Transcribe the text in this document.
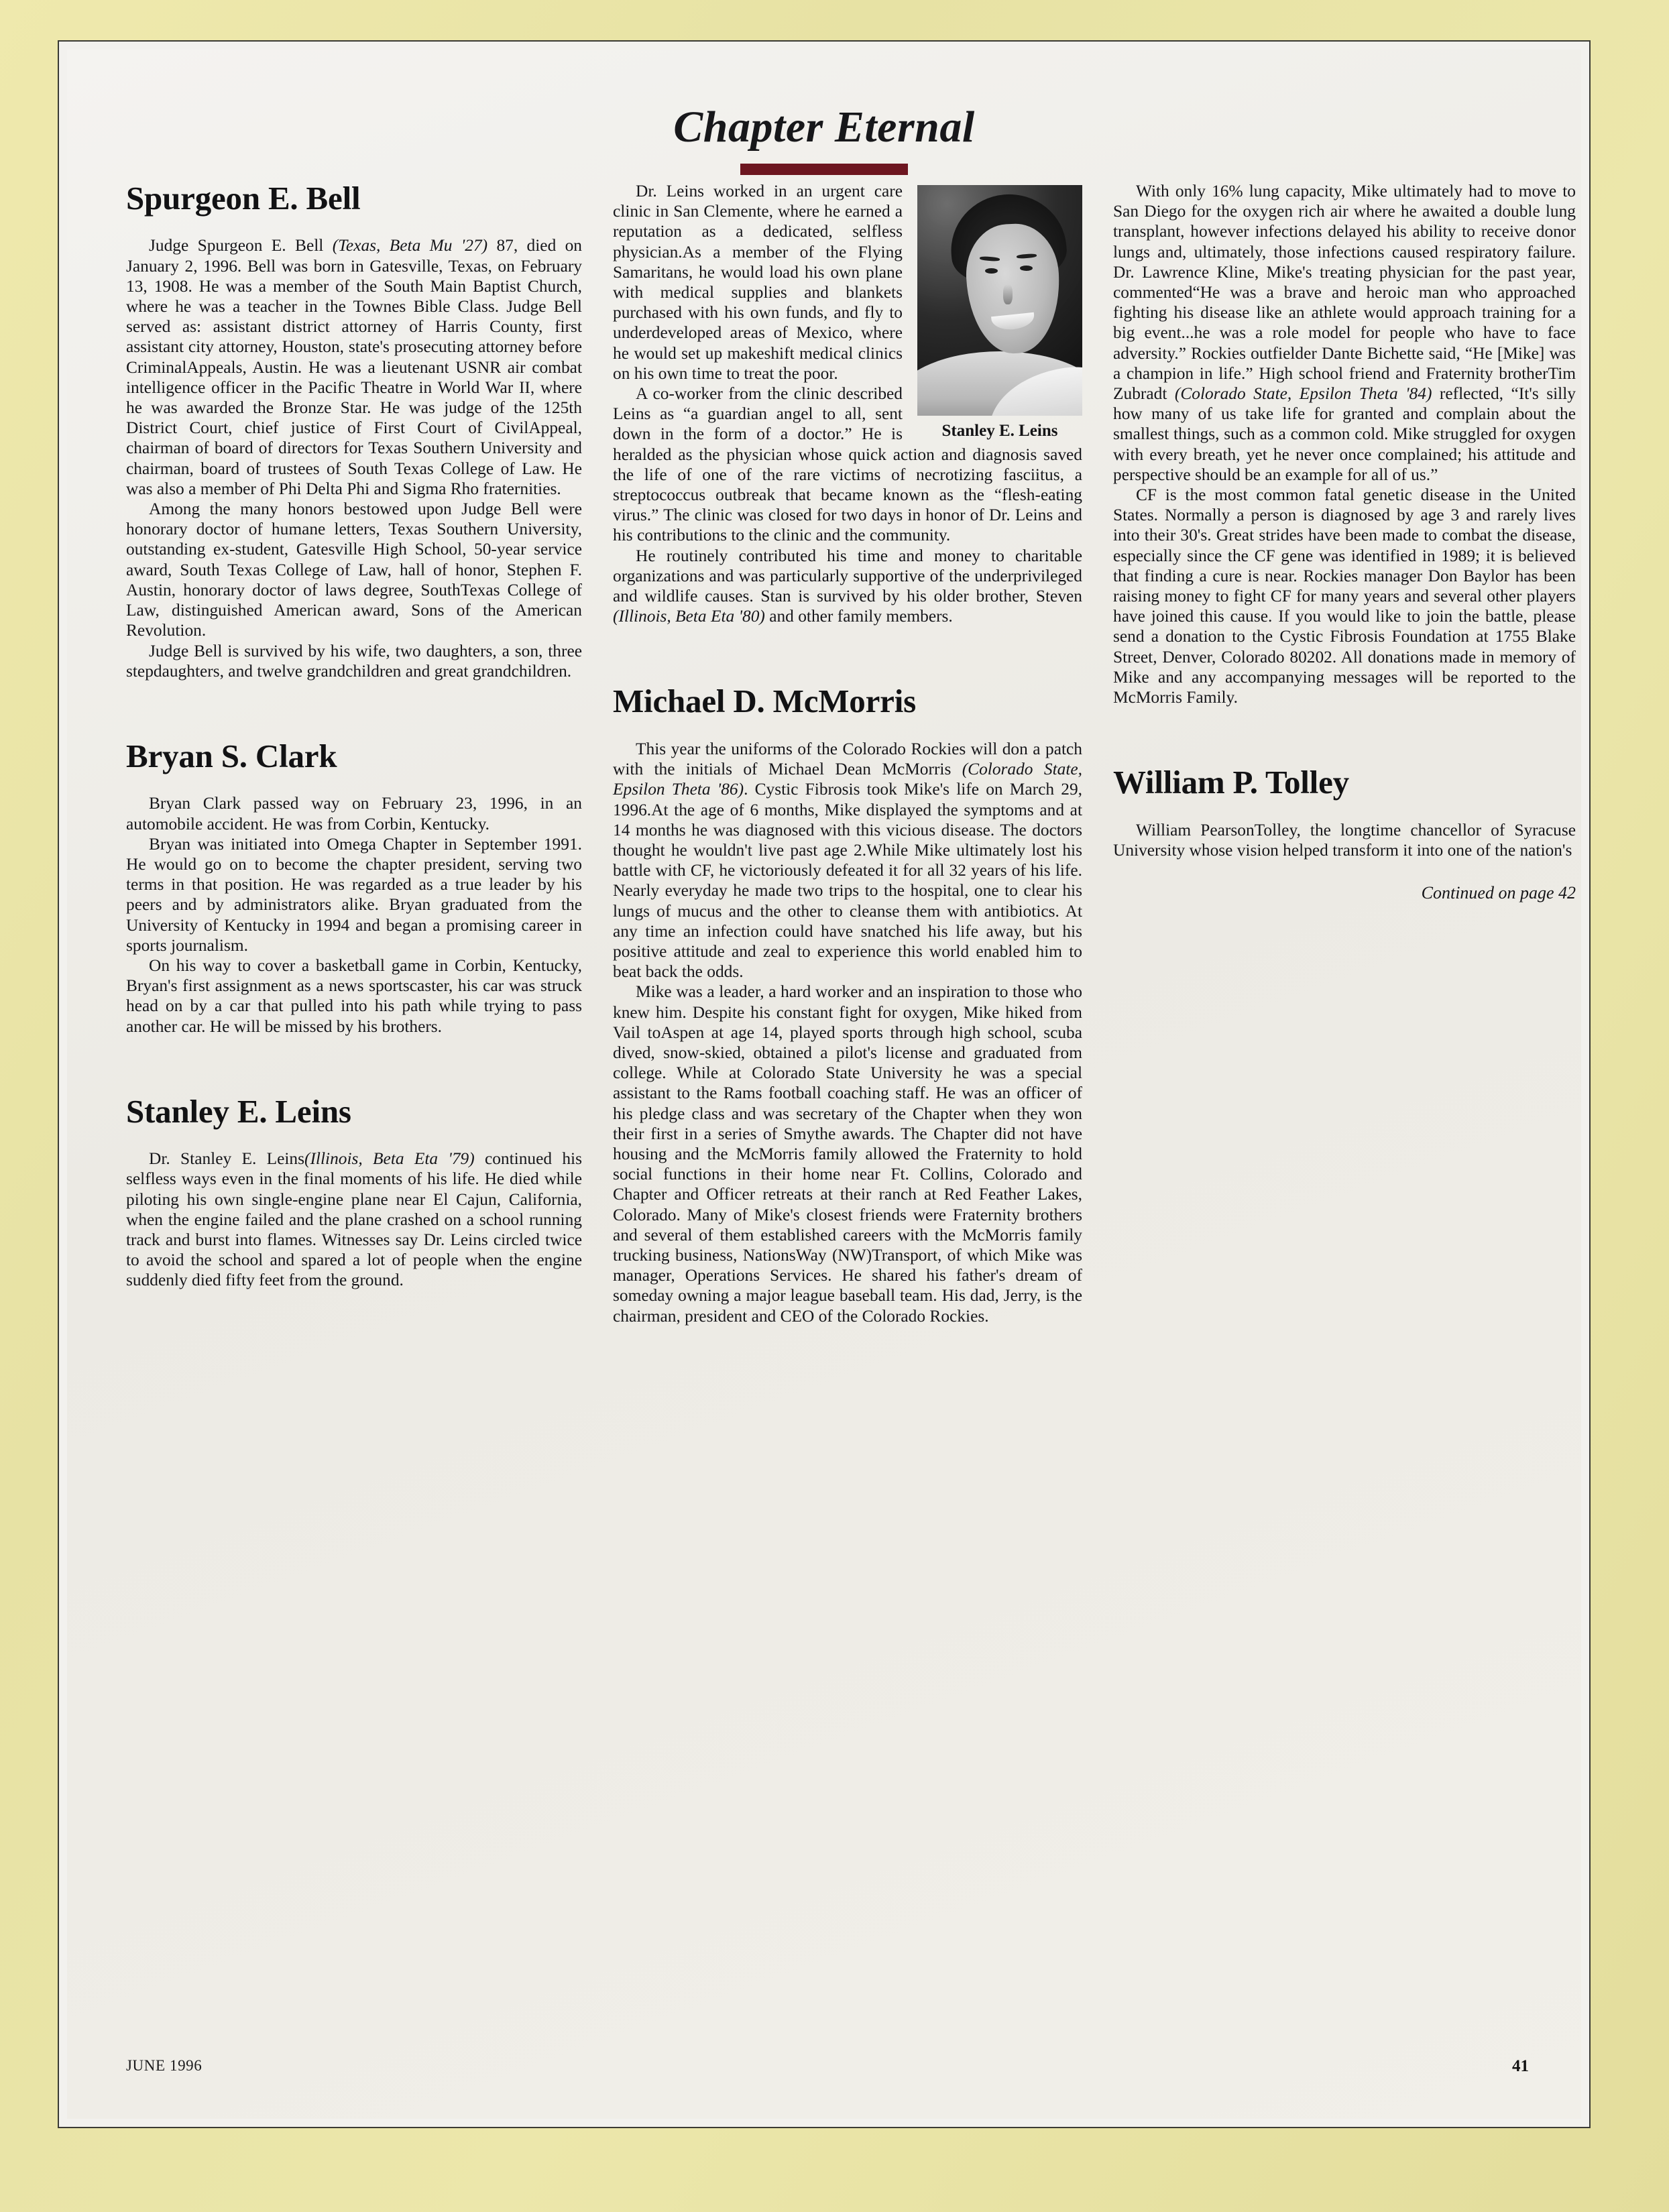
Chapter Eternal
Spurgeon E. Bell

Judge Spurgeon E. Bell (Texas, Beta Mu '27) 87, died on January 2, 1996. Bell was born in Gatesville, Texas, on February 13, 1908. He was a member of the South Main Baptist Church, where he was a teacher in the Townes Bible Class. Judge Bell served as: assistant district attorney of Harris County, first assistant city attorney, Houston, state's prosecuting attorney before CriminalAppeals, Austin. He was a lieutenant USNR air combat intelligence officer in the Pacific Theatre in World War II, where he was awarded the Bronze Star. He was judge of the 125th District Court, chief justice of First Court of CivilAppeal, chairman of board of directors for Texas Southern University and chairman, board of trustees of South Texas College of Law. He was also a member of Phi Delta Phi and Sigma Rho fraternities.

Among the many honors bestowed upon Judge Bell were honorary doctor of humane letters, Texas Southern University, outstanding ex-student, Gatesville High School, 50-year service award, South Texas College of Law, hall of honor, Stephen F. Austin, honorary doctor of laws degree, SouthTexas College of Law, distinguished American award, Sons of the American Revolution.

Judge Bell is survived by his wife, two daughters, a son, three stepdaughters, and twelve grandchildren and great grandchildren.

Bryan S. Clark

Bryan Clark passed way on February 23, 1996, in an automobile accident. He was from Corbin, Kentucky.

Bryan was initiated into Omega Chapter in September 1991. He would go on to become the chapter president, serving two terms in that position. He was regarded as a true leader by his peers and by administrators alike. Bryan graduated from the University of Kentucky in 1994 and began a promising career in sports journalism.

On his way to cover a basketball game in Corbin, Kentucky, Bryan's first assignment as a news sportscaster, his car was struck head on by a car that pulled into his path while trying to pass another car. He will be missed by his brothers.

Stanley E. Leins

Dr. Stanley E. Leins(Illinois, Beta Eta '79) continued his selfless ways even in the final moments of his life. He died while piloting his own single-engine plane near El Cajun, California, when the engine failed and the plane crashed on a school running track and burst into flames. Witnesses say Dr. Leins circled twice to avoid the school and spared a lot of people when the engine suddenly died fifty feet from the ground.

Stanley E. Leins

Dr. Leins worked in an urgent care clinic in San Clemente, where he earned a reputation as a dedicated, selfless physician.As a member of the Flying Samaritans, he would load his own plane with medical supplies and blankets purchased with his own funds, and fly to underdeveloped areas of Mexico, where he would set up makeshift medical clinics on his own time to treat the poor.

A co-worker from the clinic described Leins as “a guardian angel to all, sent down in the form of a doctor.” He is heralded as the physician whose quick action and diagnosis saved the life of one of the rare victims of necrotizing fasciitus, a streptococcus outbreak that became known as the “flesh-eating virus.” The clinic was closed for two days in honor of Dr. Leins and his contributions to the clinic and the community.

He routinely contributed his time and money to charitable organizations and was particularly supportive of the underprivileged and wildlife causes. Stan is survived by his older brother, Steven (Illinois, Beta Eta '80) and other family members.

Michael D. McMorris

This year the uniforms of the Colorado Rockies will don a patch with the initials of Michael Dean McMorris (Colorado State, Epsilon Theta '86). Cystic Fibrosis took Mike's life on March 29, 1996.At the age of 6 months, Mike displayed the symptoms and at 14 months he was diagnosed with this vicious disease. The doctors thought he wouldn't live past age 2.While Mike ultimately lost his battle with CF, he victoriously defeated it for all 32 years of his life. Nearly everyday he made two trips to the hospital, one to clear his lungs of mucus and the other to cleanse them with antibiotics. At any time an infection could have snatched his life away, but his positive attitude and zeal to experience this world enabled him to beat back the odds.

Mike was a leader, a hard worker and an inspiration to those who knew him. Despite his constant fight for oxygen, Mike hiked from Vail toAspen at age 14, played sports through high school, scuba dived, snow-skied, obtained a pilot's license and graduated from college. While at Colorado State University he was a special assistant to the Rams football coaching staff. He was an officer of his pledge class and was secretary of the Chapter when they won their first in a series of Smythe awards. The Chapter did not have housing and the McMorris family allowed the Fraternity to hold social functions in their home near Ft. Collins, Colorado and Chapter and Officer retreats at their ranch at Red Feather Lakes, Colorado. Many of Mike's closest friends were Fraternity brothers and several of them established careers with the McMorris family trucking business, NationsWay (NW)Transport, of which Mike was manager, Operations Services. He shared his father's dream of someday owning a major league baseball team. His dad, Jerry, is the chairman, president and CEO of the Colorado Rockies.

With only 16% lung capacity, Mike ultimately had to move to San Diego for the oxygen rich air where he awaited a double lung transplant, however infections delayed his ability to receive donor lungs and, ultimately, those infections caused respiratory failure. Dr. Lawrence Kline, Mike's treating physician for the past year, commented“He was a brave and heroic man who approached fighting his disease like an athlete would approach training for a big event...he was a role model for people who have to face adversity.” Rockies outfielder Dante Bichette said, “He [Mike] was a champion in life.” High school friend and Fraternity brotherTim Zubradt (Colorado State, Epsilon Theta '84) reflected, “It's silly how many of us take life for granted and complain about the smallest things, such as a common cold. Mike struggled for oxygen with every breath, yet he never once complained; his attitude and perspective should be an example for all of us.”

CF is the most common fatal genetic disease in the United States. Normally a person is diagnosed by age 3 and rarely lives into their 30's. Great strides have been made to combat the disease, especially since the CF gene was identified in 1989; it is believed that finding a cure is near. Rockies manager Don Baylor has been raising money to fight CF for many years and several other players have joined this cause. If you would like to join the battle, please send a donation to the Cystic Fibrosis Foundation at 1755 Blake Street, Denver, Colorado 80202. All donations made in memory of Mike and any accompanying messages will be reported to the McMorris Family.

William P. Tolley

William PearsonTolley, the longtime chancellor of Syracuse University whose vision helped transform it into one of the nation's

Continued on page 42
JUNE 1996	41
